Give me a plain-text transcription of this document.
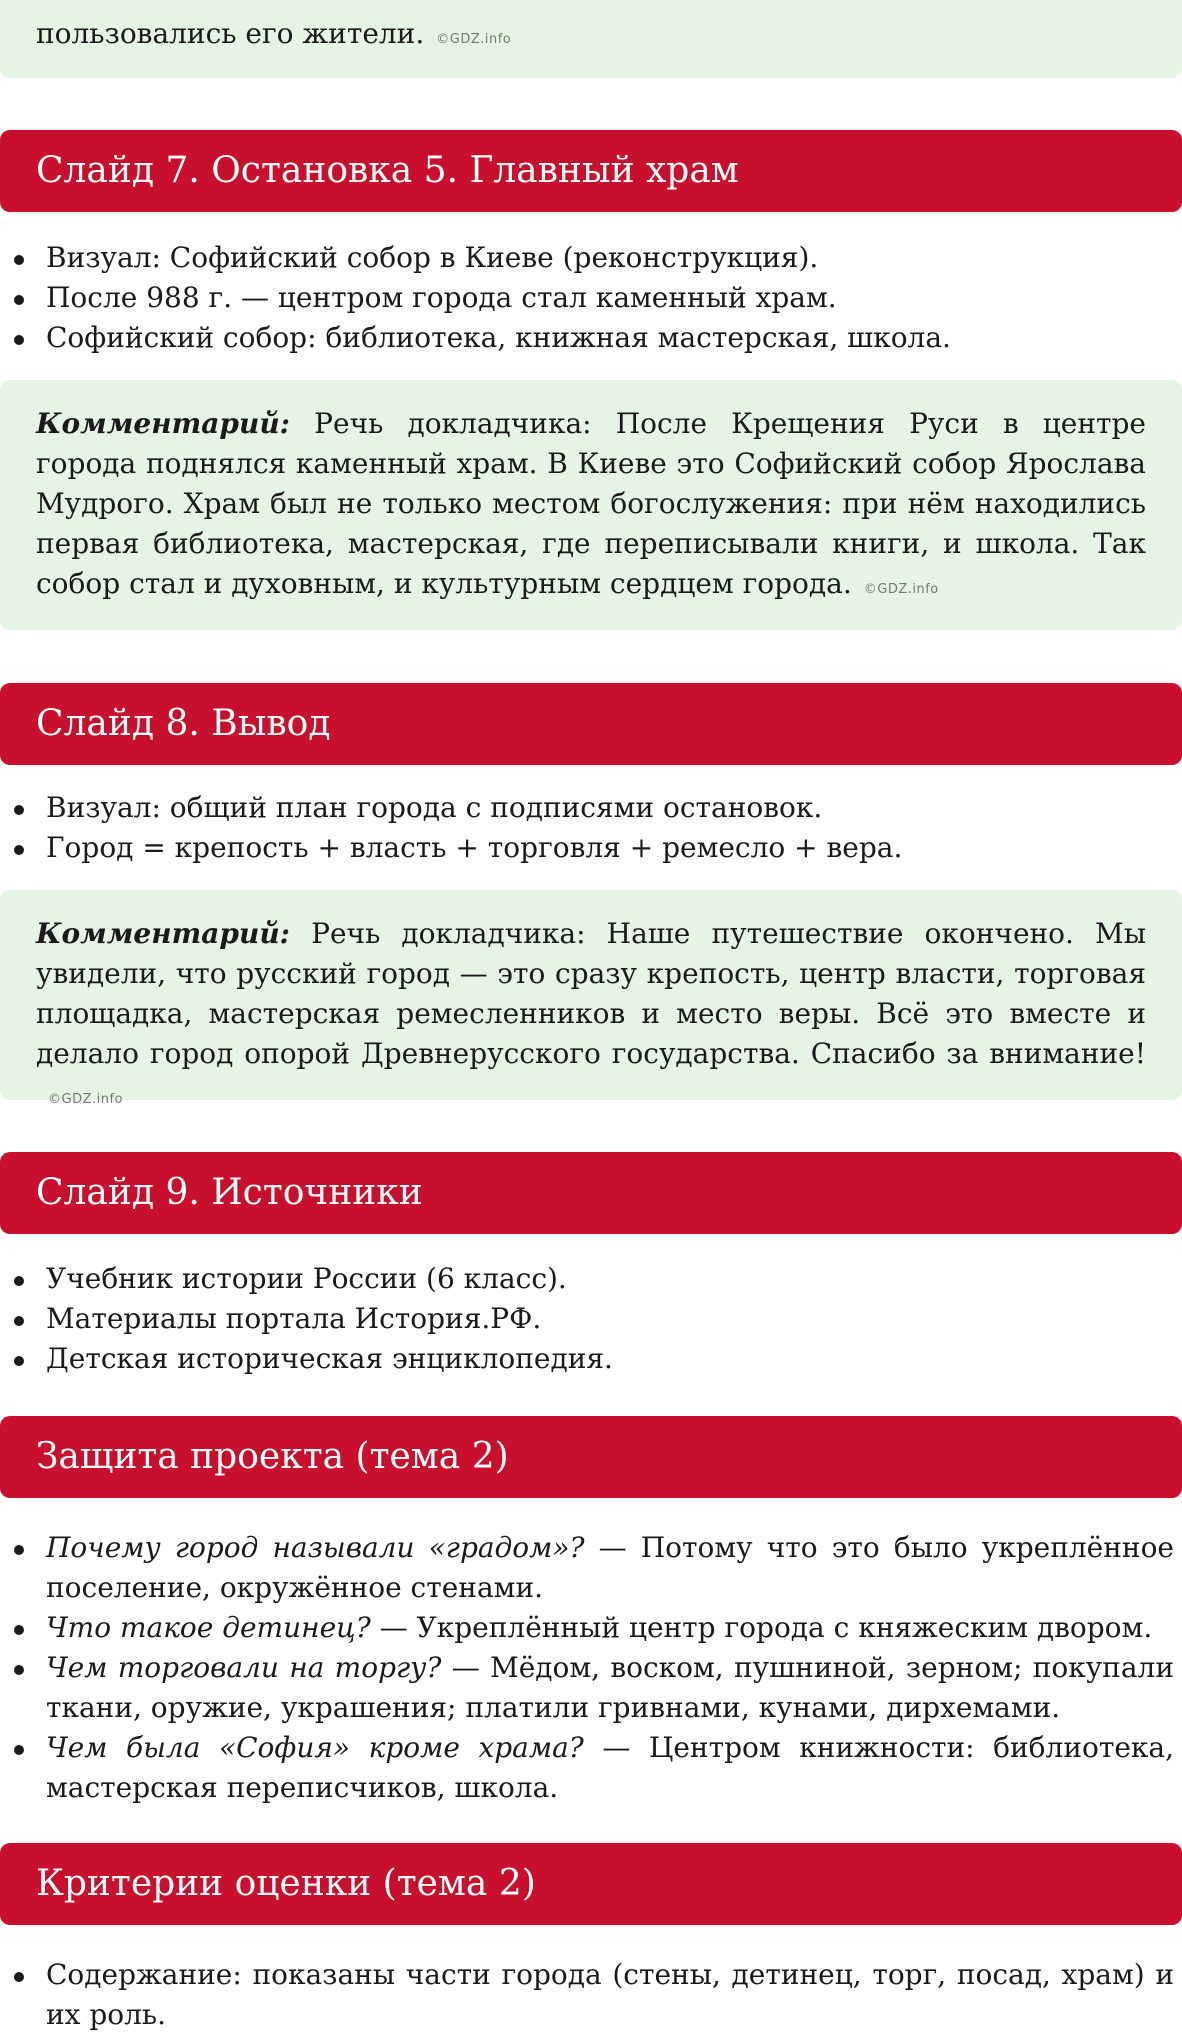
пользовались его жители. ©GDZ.info
Слайд 7. Остановка 5. Главный храм
Визуал: Софийский собор в Киеве (реконструкция).
После 988 г. — центром города стал каменный храм.
Софийский собор: библиотека, книжная мастерская, школа.
Комментарий: Речь докладчика: После Крещения Руси в центре города поднялся каменный храм. В Киеве это Софийский собор Ярослава Мудрого. Храм был не только местом богослужения: при нём находились первая библиотека, мастерская, где переписывали книги, и школа. Так собор стал и духовным, и культурным сердцем города. ©GDZ.info
Слайд 8. Вывод
Визуал: общий план города с подписями остановок.
Город = крепость + власть + торговля + ремесло + вера.
Комментарий: Речь докладчика: Наше путешествие окончено. Мы увидели, что русский город — это сразу крепость, центр власти, торговая площадка, мастерская ремесленников и место веры. Всё это вместе и делало город опорой Древнерусского государства. Спасибо за внимание!©GDZ.info
Слайд 9. Источники
Учебник истории России (6 класс).
Материалы портала История.РФ.
Детская историческая энциклопедия.
Защита проекта (тема 2)
Почему город называли «градом»? — Потому что это было укреплённое поселение, окружённое стенами.
Что такое детинец? — Укреплённый центр города с княжеским двором.
Чем торговали на торгу? — Мёдом, воском, пушниной, зерном; покупали ткани, оружие, украшения; платили гривнами, кунами, дирхемами.
Чем была «София» кроме храма? — Центром книжности: библиотека, мастерская переписчиков, школа.
Критерии оценки (тема 2)
Содержание: показаны части города (стены, детинец, торг, посад, храм) и их роль.
